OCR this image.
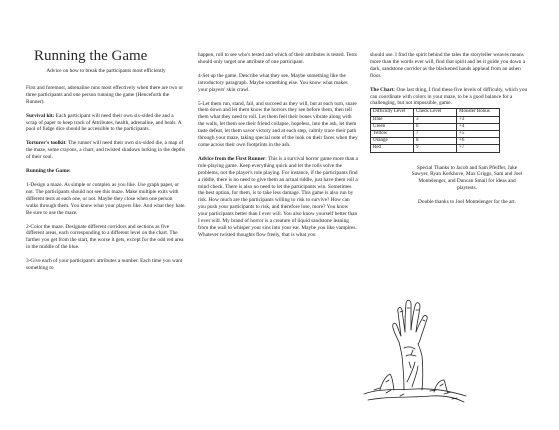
Running the Game

Advice on how to break the participants most efficiently

First and foremost, adrenaline runs most effectively when there are two or three participants and one person running the game (Henceforth the Runner).

Survival kit: Each participant will need their own six-sided die and a scrap of paper to keep track of Attributes, health, adrenaline, and heals. A pool of fudge dice should be accessible to the participants.

Torturer's toolkit: The runner will need their own six-sided die, a map of the maze, some crayons, a chart, and twisted shadows lurking in the depths of their soul.

Running the Game:

1-Design a maze. As simple or complex as you like. Use graph paper, or not. The participants should not see this maze. Make multiple exits with different tests at each one, or not. Maybe they close when one person walks through them. You know what your players like. And what they hate. Be sure to use the maze.

2-Color the maze. Designate different corridors and sections as five different areas, each corresponding to a different level on the chart. The farther you get from the start, the worse it gets, except for the odd red area in the middle of the blue.

3-Give each of your participant's attributes a number. Each time you want something to

happen, roll to see who's tested and which of their attributes is tested. Tests should only target one attribute of one participant.

4-Set up the game. Describe what they see. Maybe something like the introductory paragraph. Maybe something else. You know what makes your players' skin crawl.

5-Let them run, stand, fail, and succeed as they will, but at each turn, snare them down and let them know the horrors they see before them, then tell them what they need to roll. Let them feel their bones vibrate along with the walls, let them see their friend collapse, hopeless, into the ash, let them taste defeat, let them savor victory and at each step, calmly trace their path through your maze, taking special note of the look on their faces when they come across their own footprints in the ash.

Advice from the First Runner: This is a survival horror game more than a role-playing game. Keep everything quick and let the rolls solve the problems, not the player's role playing. For instance, if the participants find a riddle, there is no need to give them an actual riddle, just have them roll a mind check. There is also no need to let the participants win. Sometimes the best option, for them, is to take less damage. This game is also run by risk. How much are the participants willing to risk to survive? How can you push your participants to risk, and therefore lose, more? You know your participants better than I ever will. You also know yourself better than I ever will. My brand of horror is a creature of liquid sandstone leaning from the wall to whisper your sins into your ear. Maybe you like vampires. Whatever twisted thoughts flow freely, that is what you

should use. I find the spirit behind the tales the storyteller weaves means more than the words ever will, find that spirit and let it guide you down a dark, sandstone corridor as the blackened hands applaud from an ashen floor.

The Chart: One last thing, I find these five levels of difficulty, which you can coordinate with colors in your maze, to be a good balance for a challenging, but not impossible, game.

Difficulty Level	Check Level	Monster Bonus
Blue	3	+3
Green	6	+4
Yellow	7	+5
Orange	8	+6
Red	9	+7

Special Thanks to Jacob and Sam Pfeiffer, Jake Sawyer, Ryan Kerkhove, Max Griggs, Sam and Joel Montelenger, and Duncan Smail for ideas and playtests.

Double thanks to Joel Montelenger for the art.
